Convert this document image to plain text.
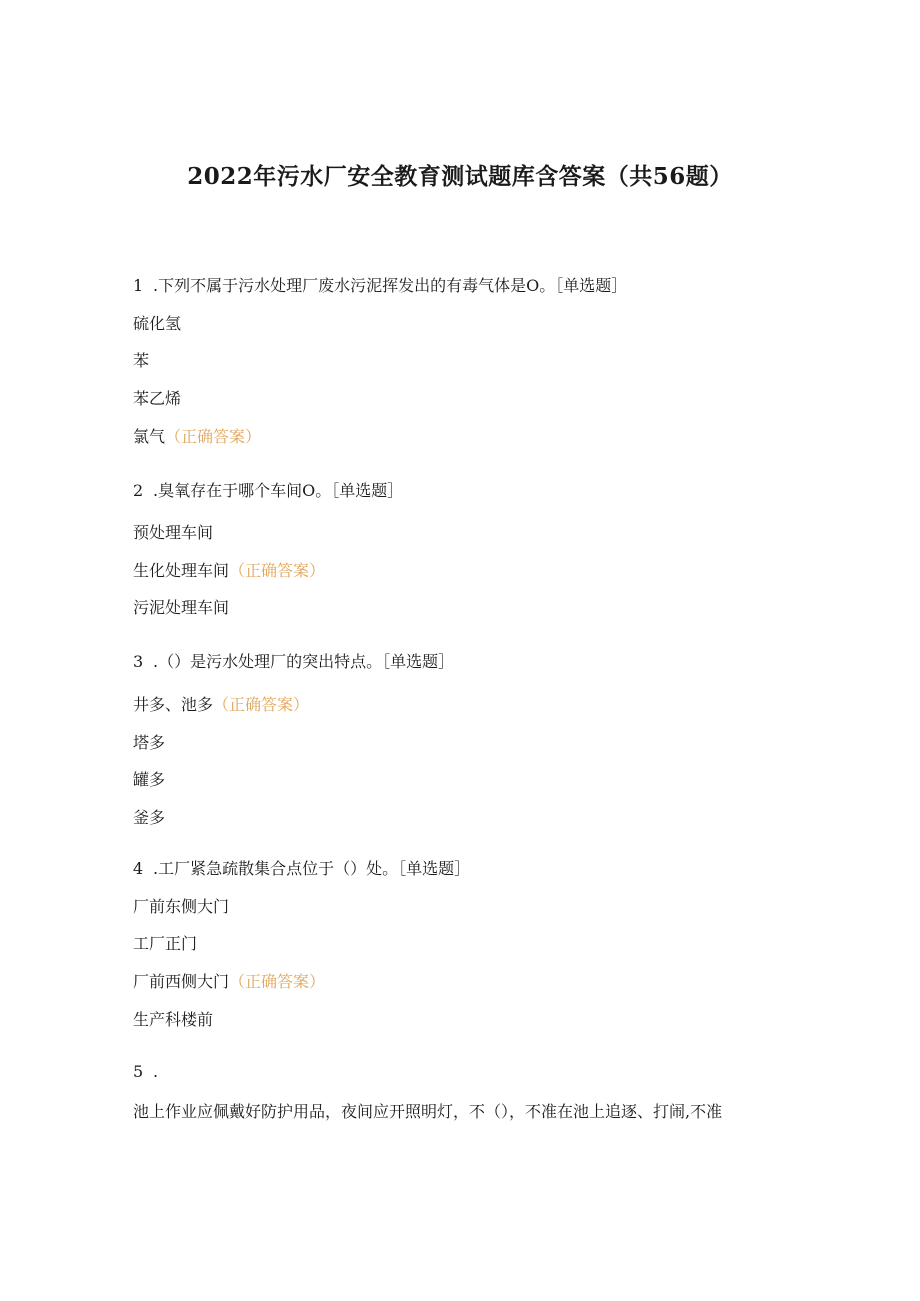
2022年污水厂安全教育测试题库含答案（共56题）
1 .下列不属于污水处理厂废水污泥挥发出的有毒气体是O。［单选题］
硫化氢
苯
苯乙烯
氯气（正确答案）
2 .臭氧存在于哪个车间O。［单选题］
预处理车间
生化处理车间（正确答案）
污泥处理车间
3 .（）是污水处理厂的突出特点。［单选题］
井多、池多（正确答案）
塔多
罐多
釜多
4 .工厂紧急疏散集合点位于（）处。［单选题］
厂前东侧大门
工厂正门
厂前西侧大门（正确答案）
生产科楼前
5 .
池上作业应佩戴好防护用品，夜间应开照明灯，不（），不准在池上追逐、打闹,不准
